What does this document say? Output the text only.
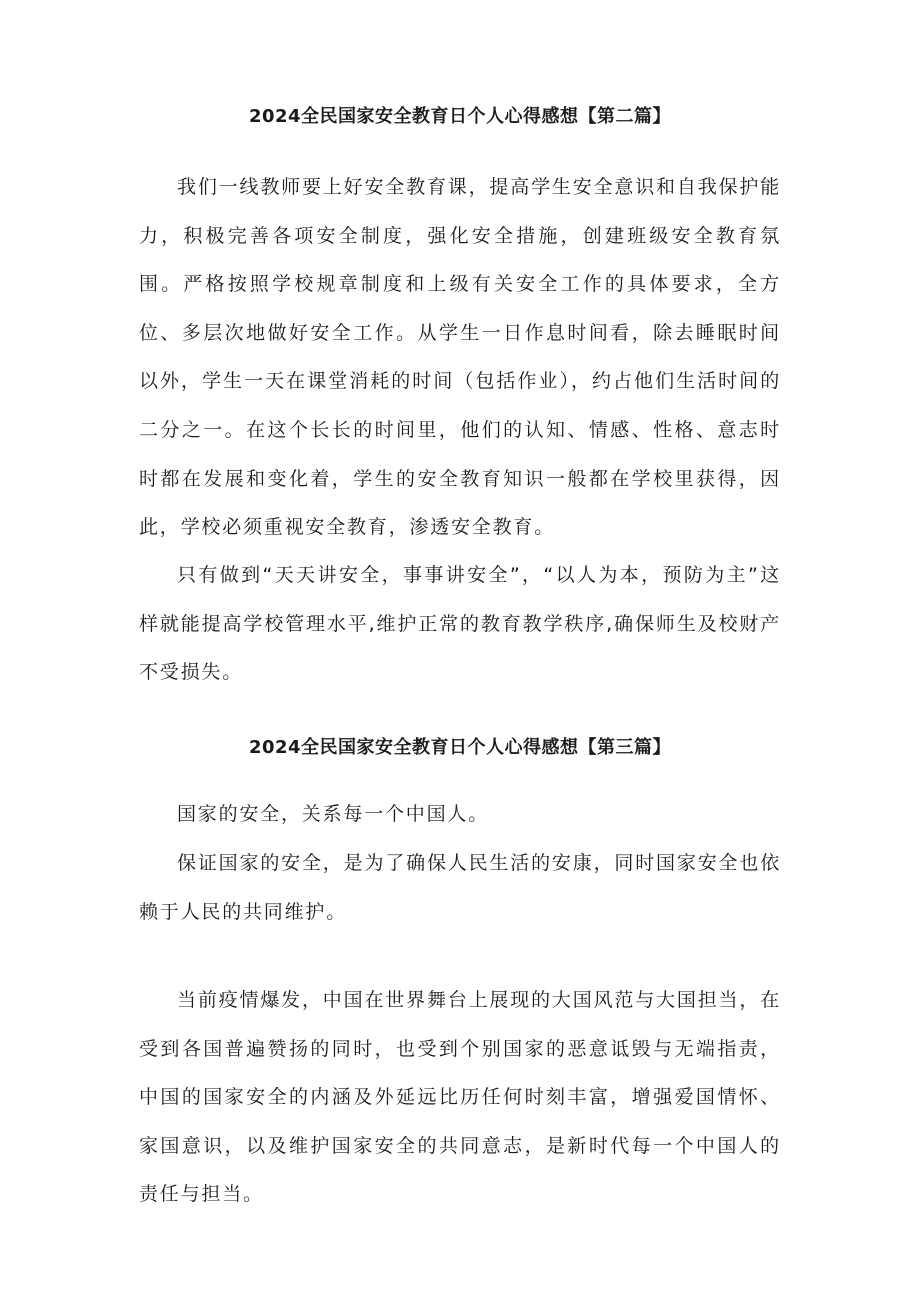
2024全民国家安全教育日个人心得感想【第二篇】

我们一线教师要上好安全教育课，提高学生安全意识和自我保护能力，积极完善各项安全制度，强化安全措施，创建班级安全教育氛围。严格按照学校规章制度和上级有关安全工作的具体要求，全方位、多层次地做好安全工作。从学生一日作息时间看，除去睡眠时间以外，学生一天在课堂消耗的时间（包括作业），约占他们生活时间的二分之一。在这个长长的时间里，他们的认知、情感、性格、意志时时都在发展和变化着，学生的安全教育知识一般都在学校里获得，因此，学校必须重视安全教育，渗透安全教育。

只有做到“天天讲安全，事事讲安全”，“以人为本，预防为主”这样就能提高学校管理水平,维护正常的教育教学秩序,确保师生及校财产不受损失。

2024全民国家安全教育日个人心得感想【第三篇】

国家的安全，关系每一个中国人。

保证国家的安全，是为了确保人民生活的安康，同时国家安全也依赖于人民的共同维护。

当前疫情爆发，中国在世界舞台上展现的大国风范与大国担当，在受到各国普遍赞扬的同时，也受到个别国家的恶意诋毁与无端指责，中国的国家安全的内涵及外延远比历任何时刻丰富，增强爱国情怀、家国意识，以及维护国家安全的共同意志，是新时代每一个中国人的责任与担当。
